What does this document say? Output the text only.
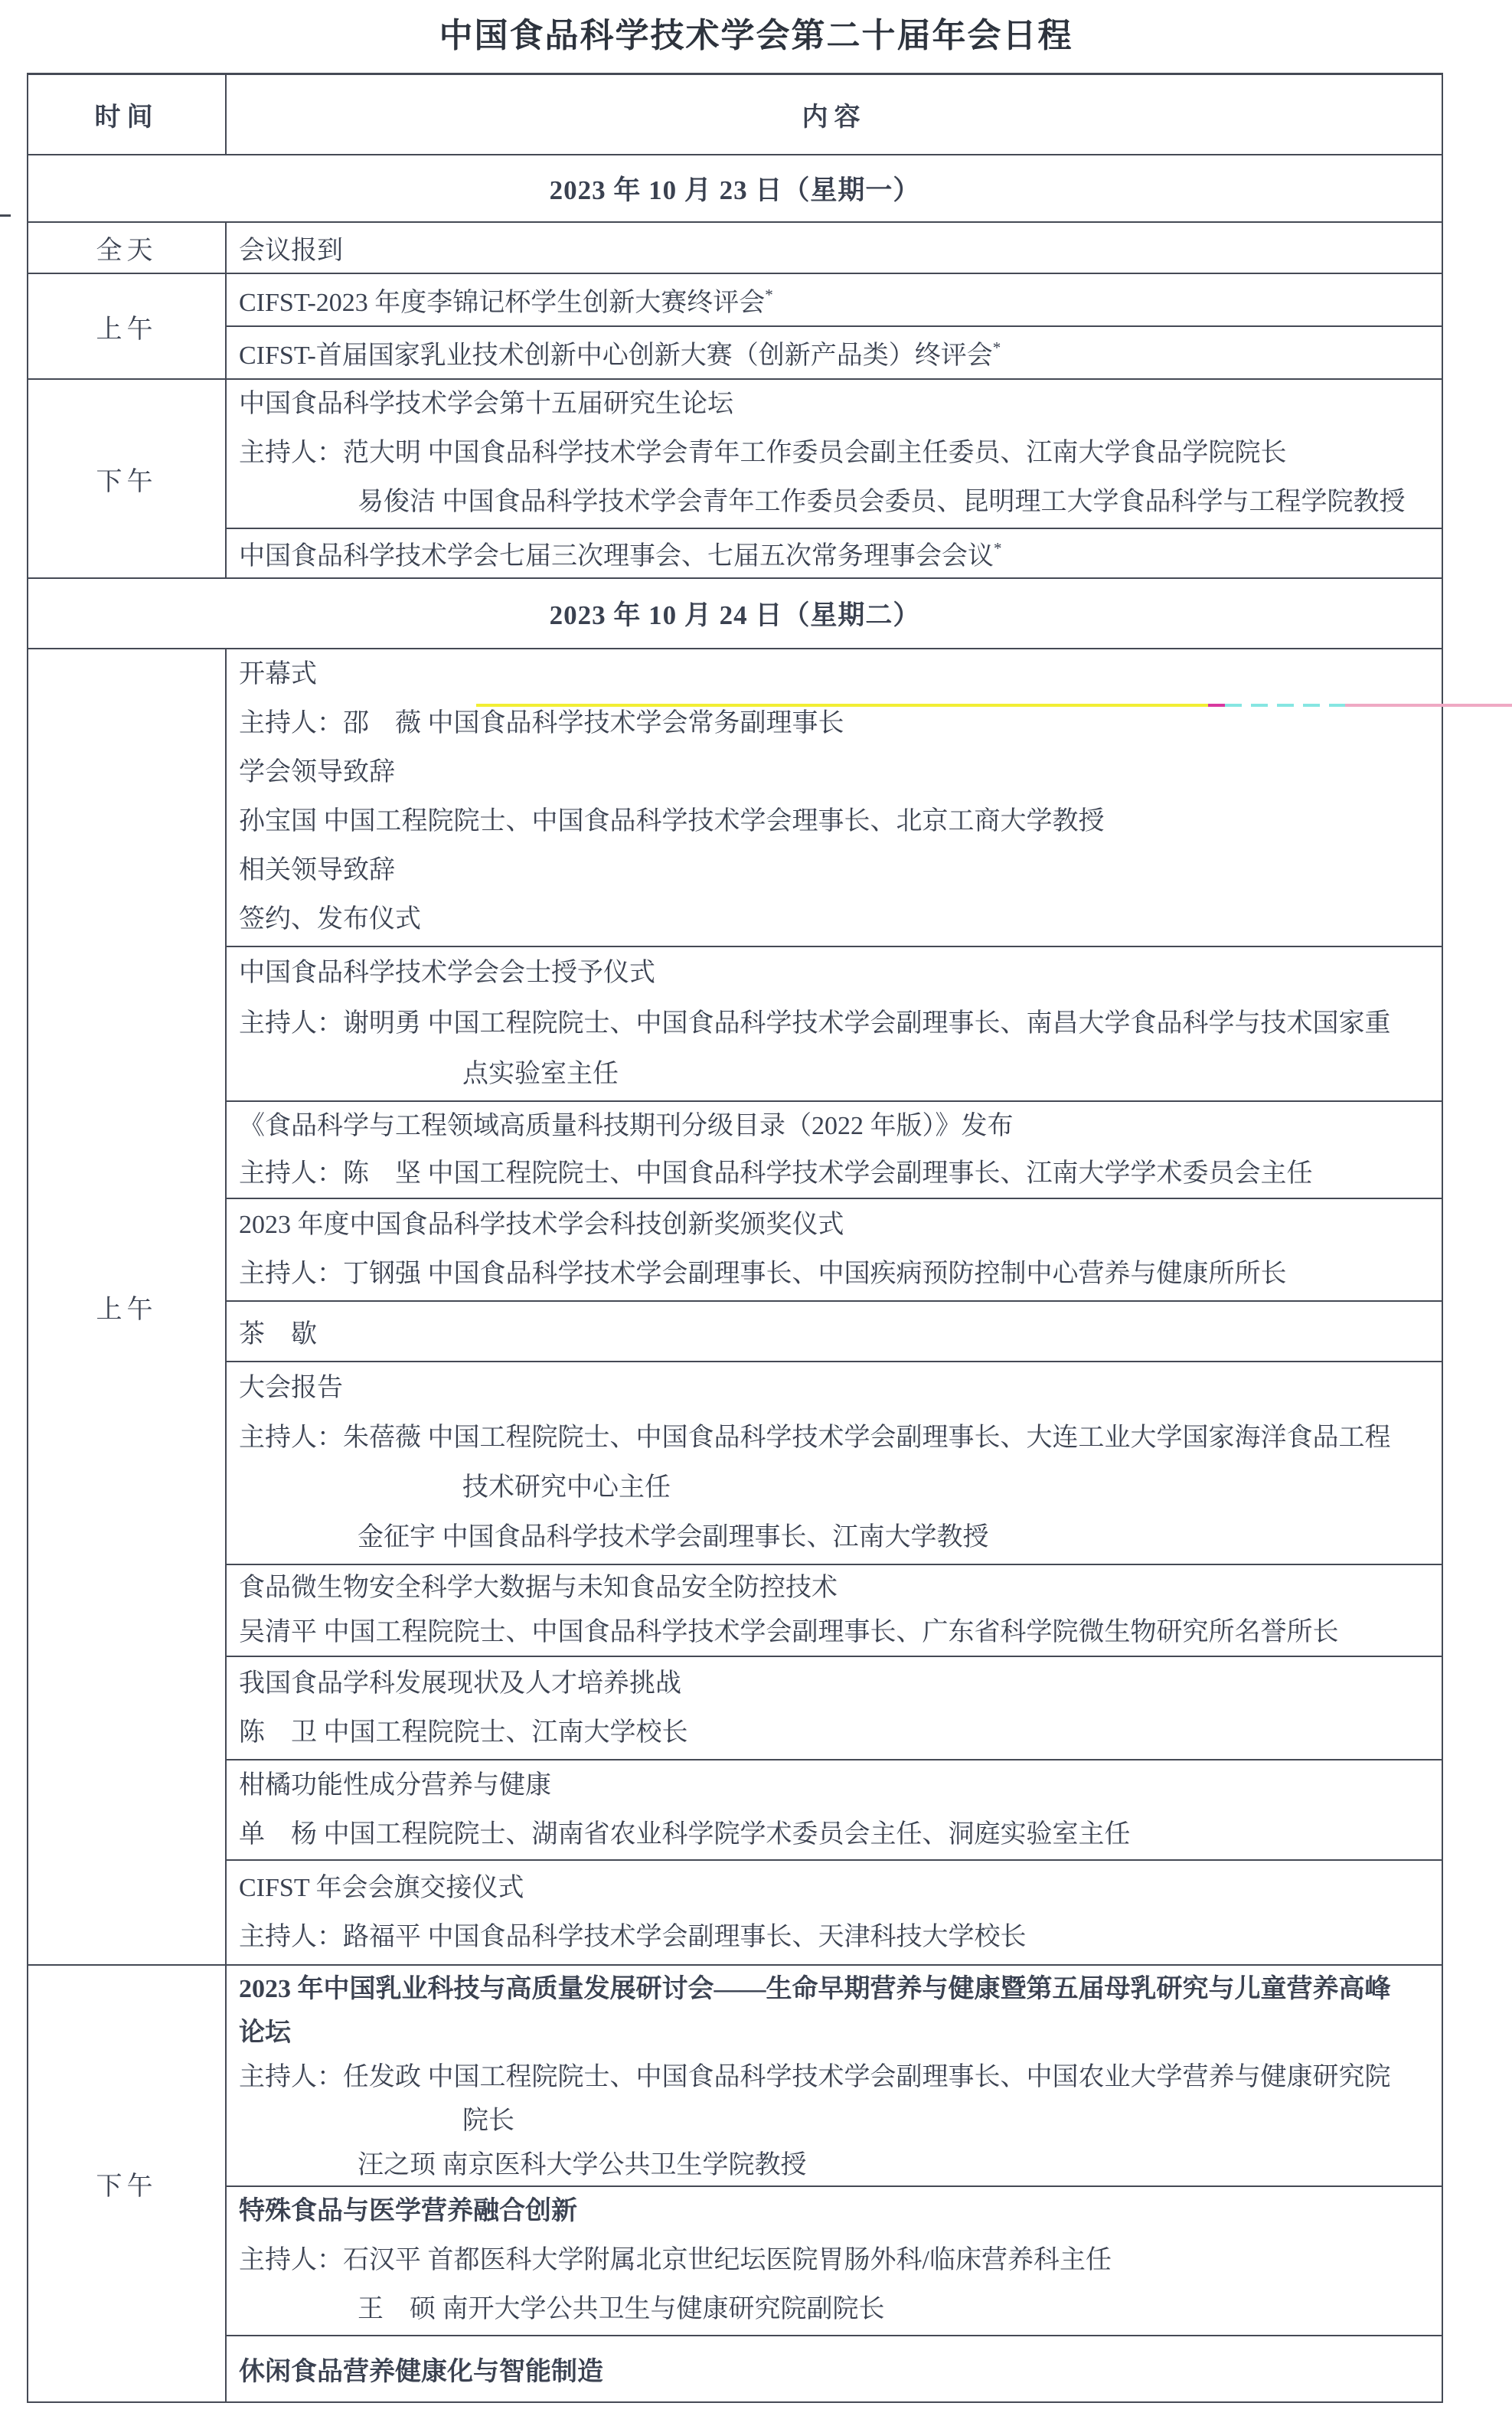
中国食品科学技术学会第二十届年会日程
时间	内容
2023 年 10 月 23 日（星期一）
全天	会议报到
上午
CIFST-2023 年度李锦记杯学生创新大赛终评会*
CIFST-首届国家乳业技术创新中心创新大赛（创新产品类）终评会*
下午
中国食品科学技术学会第十五届研究生论坛
主持人：范大明 中国食品科学技术学会青年工作委员会副主任委员、江南大学食品学院院长
易俊洁 中国食品科学技术学会青年工作委员会委员、昆明理工大学食品科学与工程学院教授
中国食品科学技术学会七届三次理事会、七届五次常务理事会会议*
2023 年 10 月 24 日（星期二）
上午
开幕式
主持人：邵　薇 中国食品科学技术学会常务副理事长
学会领导致辞
孙宝国 中国工程院院士、中国食品科学技术学会理事长、北京工商大学教授
相关领导致辞
签约、发布仪式
中国食品科学技术学会会士授予仪式
主持人：谢明勇 中国工程院院士、中国食品科学技术学会副理事长、南昌大学食品科学与技术国家重
点实验室主任
《食品科学与工程领域高质量科技期刊分级目录（2022 年版）》发布
主持人：陈　坚 中国工程院院士、中国食品科学技术学会副理事长、江南大学学术委员会主任
2023 年度中国食品科学技术学会科技创新奖颁奖仪式
主持人：丁钢强 中国食品科学技术学会副理事长、中国疾病预防控制中心营养与健康所所长
茶　歇
大会报告
主持人：朱蓓薇 中国工程院院士、中国食品科学技术学会副理事长、大连工业大学国家海洋食品工程
技术研究中心主任
金征宇 中国食品科学技术学会副理事长、江南大学教授
食品微生物安全科学大数据与未知食品安全防控技术
吴清平 中国工程院院士、中国食品科学技术学会副理事长、广东省科学院微生物研究所名誉所长
我国食品学科发展现状及人才培养挑战
陈　卫 中国工程院院士、江南大学校长
柑橘功能性成分营养与健康
单　杨 中国工程院院士、湖南省农业科学院学术委员会主任、洞庭实验室主任
CIFST 年会会旗交接仪式
主持人：路福平 中国食品科学技术学会副理事长、天津科技大学校长
下午
2023 年中国乳业科技与高质量发展研讨会——生命早期营养与健康暨第五届母乳研究与儿童营养高峰
论坛
主持人：任发政 中国工程院院士、中国食品科学技术学会副理事长、中国农业大学营养与健康研究院
院长
汪之顼 南京医科大学公共卫生学院教授
特殊食品与医学营养融合创新
主持人：石汉平 首都医科大学附属北京世纪坛医院胃肠外科/临床营养科主任
王　硕 南开大学公共卫生与健康研究院副院长
休闲食品营养健康化与智能制造
